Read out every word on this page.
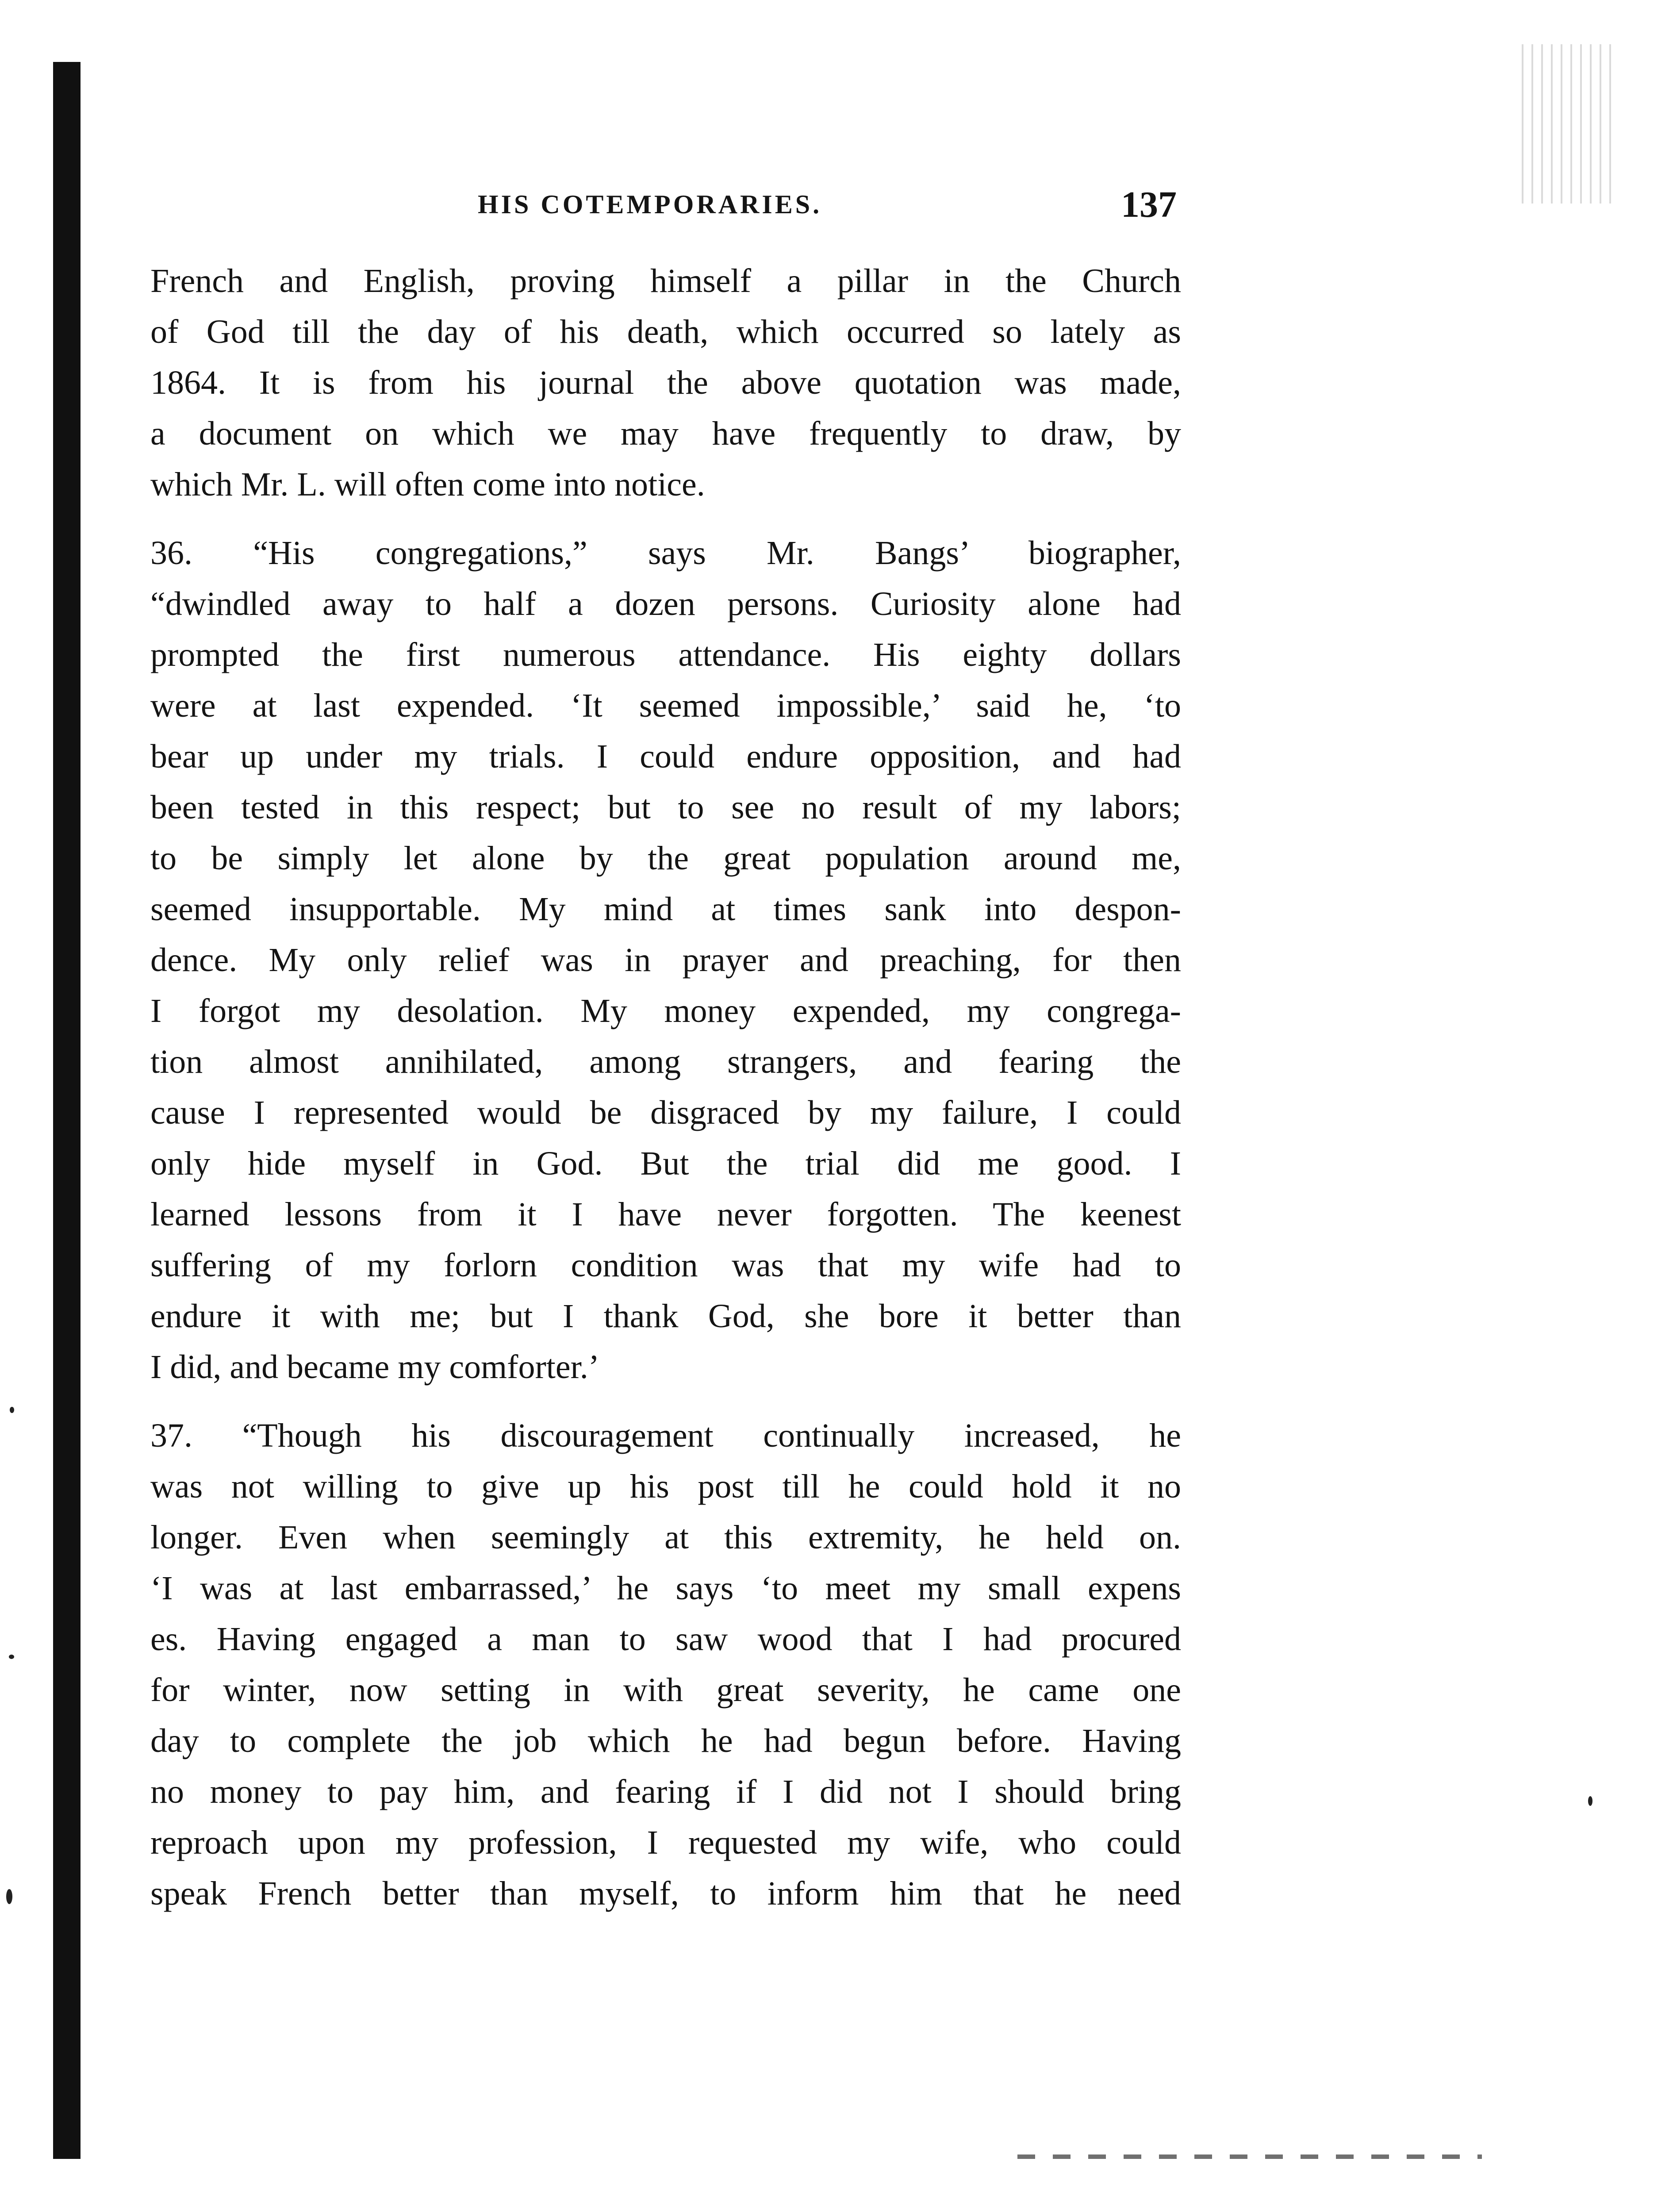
HIS COTEMPORARIES.	137
French and English, proving himself a pillar in the Church
of God till the day of his death, which occurred so lately as
1864. It is from his journal the above quotation was made,
a document on which we may have frequently to draw, by
which Mr. L. will often come into notice.
36. “His congregations,” says Mr. Bangs’ biographer,
“dwindled away to half a dozen persons. Curiosity alone had
prompted the first numerous attendance. His eighty dollars
were at last expended. ‘It seemed impossible,’ said he, ‘to
bear up under my trials. I could endure opposition, and had
been tested in this respect; but to see no result of my labors;
to be simply let alone by the great population around me,
seemed insupportable. My mind at times sank into despon-
dence. My only relief was in prayer and preaching, for then
I forgot my desolation. My money expended, my congrega-
tion almost annihilated, among strangers, and fearing the
cause I represented would be disgraced by my failure, I could
only hide myself in God. But the trial did me good. I
learned lessons from it I have never forgotten. The keenest
suffering of my forlorn condition was that my wife had to
endure it with me; but I thank God, she bore it better than
I did, and became my comforter.’
37. “Though his discouragement continually increased, he
was not willing to give up his post till he could hold it no
longer. Even when seemingly at this extremity, he held on.
‘I was at last embarrassed,’ he says ‘to meet my small expens
es. Having engaged a man to saw wood that I had procured
for winter, now setting in with great severity, he came one
day to complete the job which he had begun before. Having
no money to pay him, and fearing if I did not I should bring
reproach upon my profession, I requested my wife, who could
speak French better than myself, to inform him that he need
